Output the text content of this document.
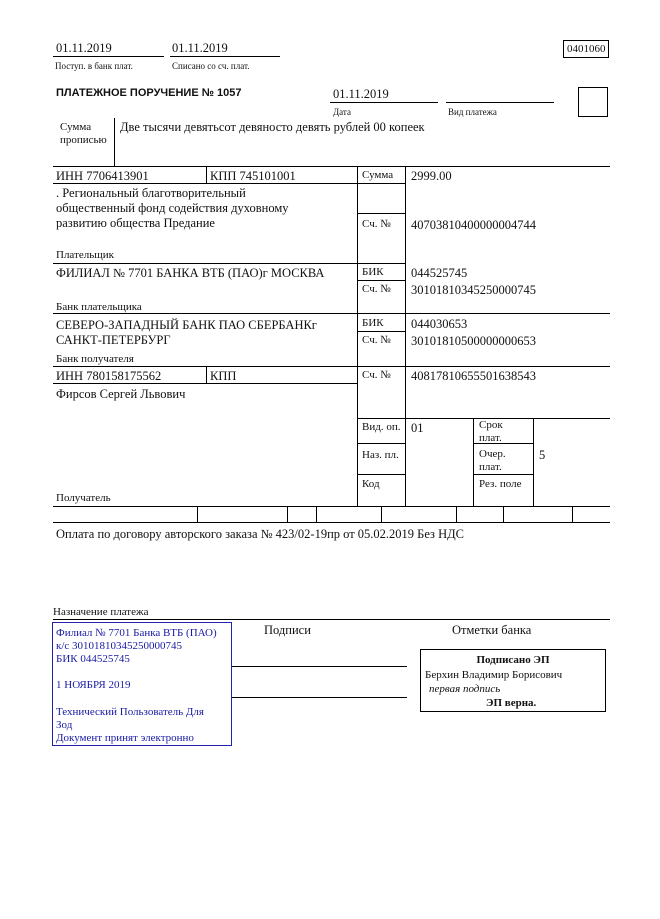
01.11.2019
Поступ. в банк плат.
01.11.2019
Списано со сч. плат.
0401060
ПЛАТЕЖНОЕ ПОРУЧЕНИЕ № 1057	01.11.2019
Дата	Вид платежа
Сумма
прописью
Две тысячи девятьсот девяносто девять рублей 00 копеек
ИНН 7706413901	КПП 745101001
. Региональный благотворительный
общественный фонд содействия духовному
развитию общества Предание
Плательщик
Сумма 2999.00
Сч. № 40703810400000004744
ФИЛИАЛ № 7701 БАНКА ВТБ (ПАО)г МОСКВА
Банк плательщика
БИК 044525745
Сч. № 30101810345250000745
СЕВЕРО-ЗАПАДНЫЙ БАНК ПАО СБЕРБАНКг
САНКТ-ПЕТЕРБУРГ
Банк получателя
БИК 044030653
Сч. № 30101810500000000653
ИНН 780158175562	КПП
Фирсов Сергей Львович
Получатель
Сч. № 40817810655501638543
Вид. оп. 01
Наз. пл.
Код
Срок
плат.
Очер.
плат.
5
Рез. поле
Оплата по договору авторского заказа № 423/02-19пр от 05.02.2019 Без НДС
Назначение платежа
Филиал № 7701 Банка ВТБ (ПАО)
к/с 30101810345250000745
БИК 044525745
1 НОЯБРЯ 2019
Технический Пользователь Для
Зод
Документ принят электронно
Подписи	Отметки банка
Подписано ЭП
Берхин Владимир Борисович
первая подпись
ЭП верна.
